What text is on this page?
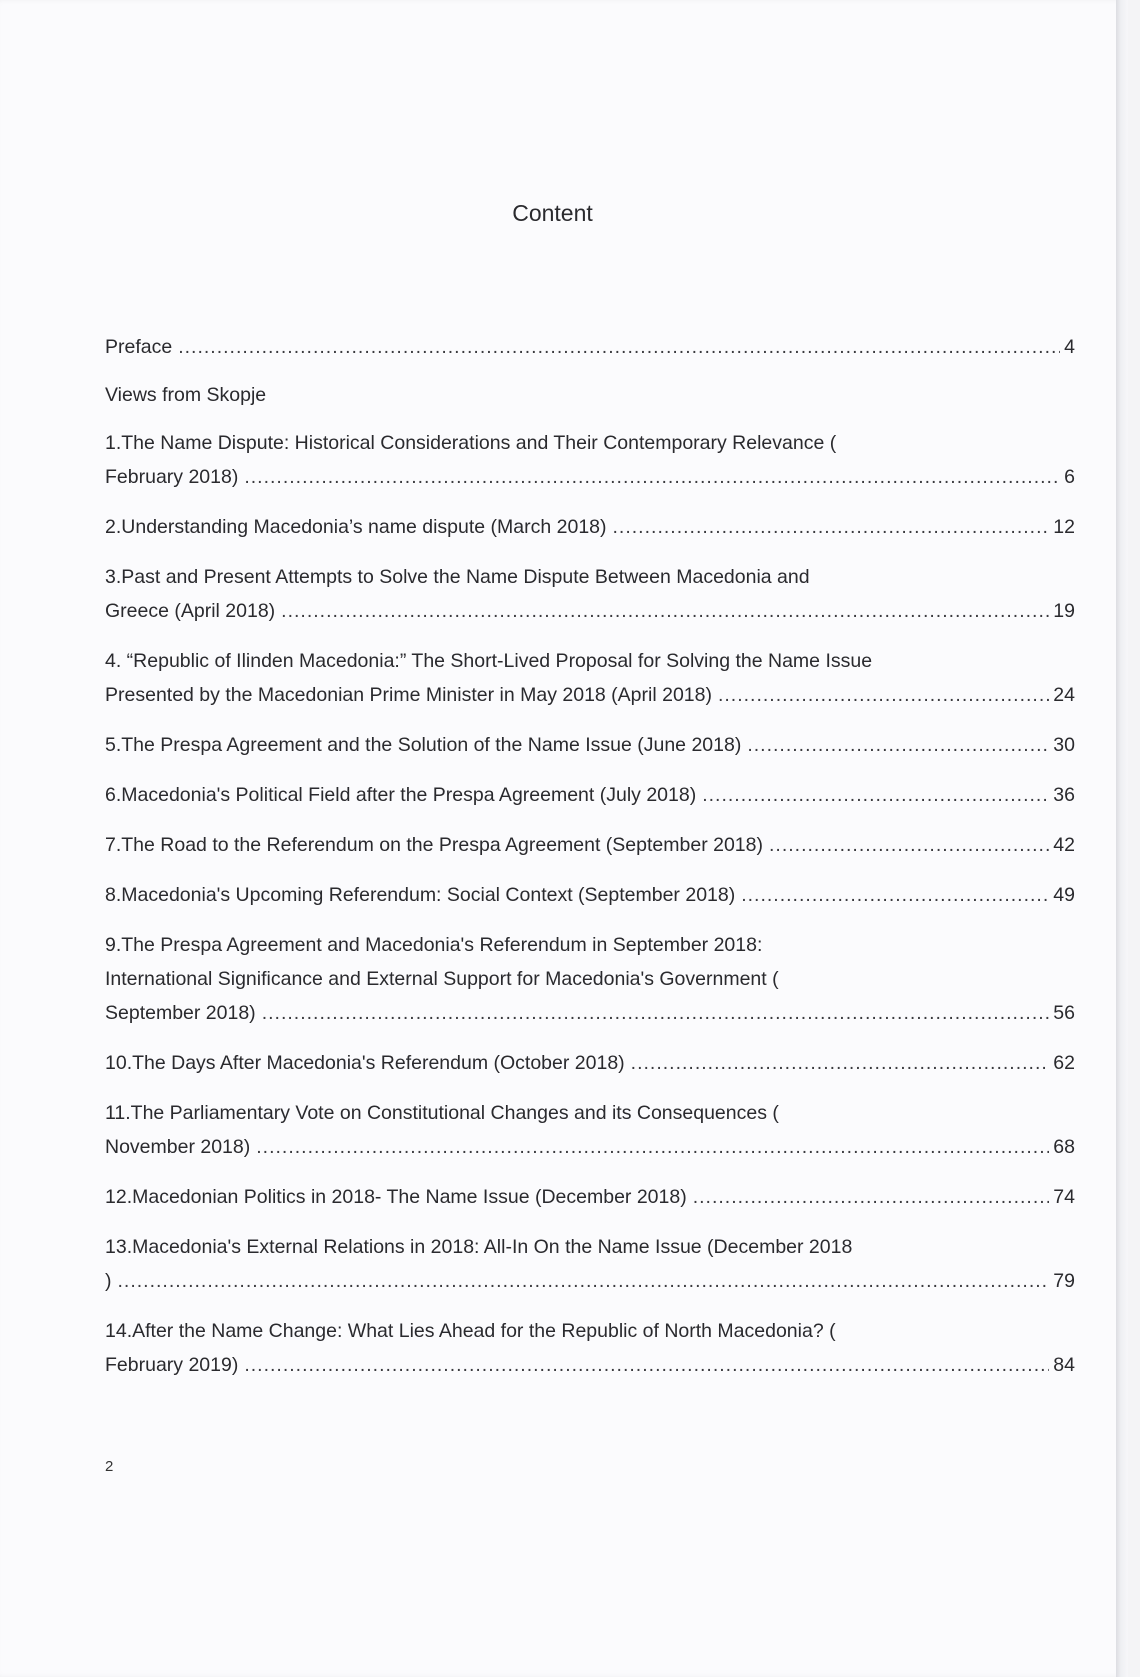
Content
Preface .....	4
Views from Skopje
1.The Name Dispute: Historical Considerations and Their Contemporary Relevance (
February 2018) .....	6
2.Understanding Macedonia’s name dispute (March 2018) .....	12
3.Past and Present Attempts to Solve the Name Dispute Between Macedonia and
Greece (April 2018) .....	19
4. “Republic of Ilinden Macedonia:” The Short-Lived Proposal for Solving the Name Issue
Presented by the Macedonian Prime Minister in May 2018 (April 2018) .....	24
5.The Prespa Agreement and the Solution of the Name Issue (June 2018) .....	30
6.Macedonia's Political Field after the Prespa Agreement (July 2018) .....	36
7.The Road to the Referendum on the Prespa Agreement (September 2018) .....	42
8.Macedonia's Upcoming Referendum: Social Context (September 2018) .....	49
9.The Prespa Agreement and Macedonia's Referendum in September 2018:
International Significance and External Support for Macedonia's Government (
September 2018) .....	56
10.The Days After Macedonia's Referendum (October 2018) .....	62
11.The Parliamentary Vote on Constitutional Changes and its Consequences (
November 2018) .....	68
12.Macedonian Politics in 2018- The Name Issue (December 2018) .....	74
13.Macedonia's External Relations in 2018: All-In On the Name Issue (December 2018
) .....	79
14.After the Name Change: What Lies Ahead for the Republic of North Macedonia? (
February 2019) .....	84
2
